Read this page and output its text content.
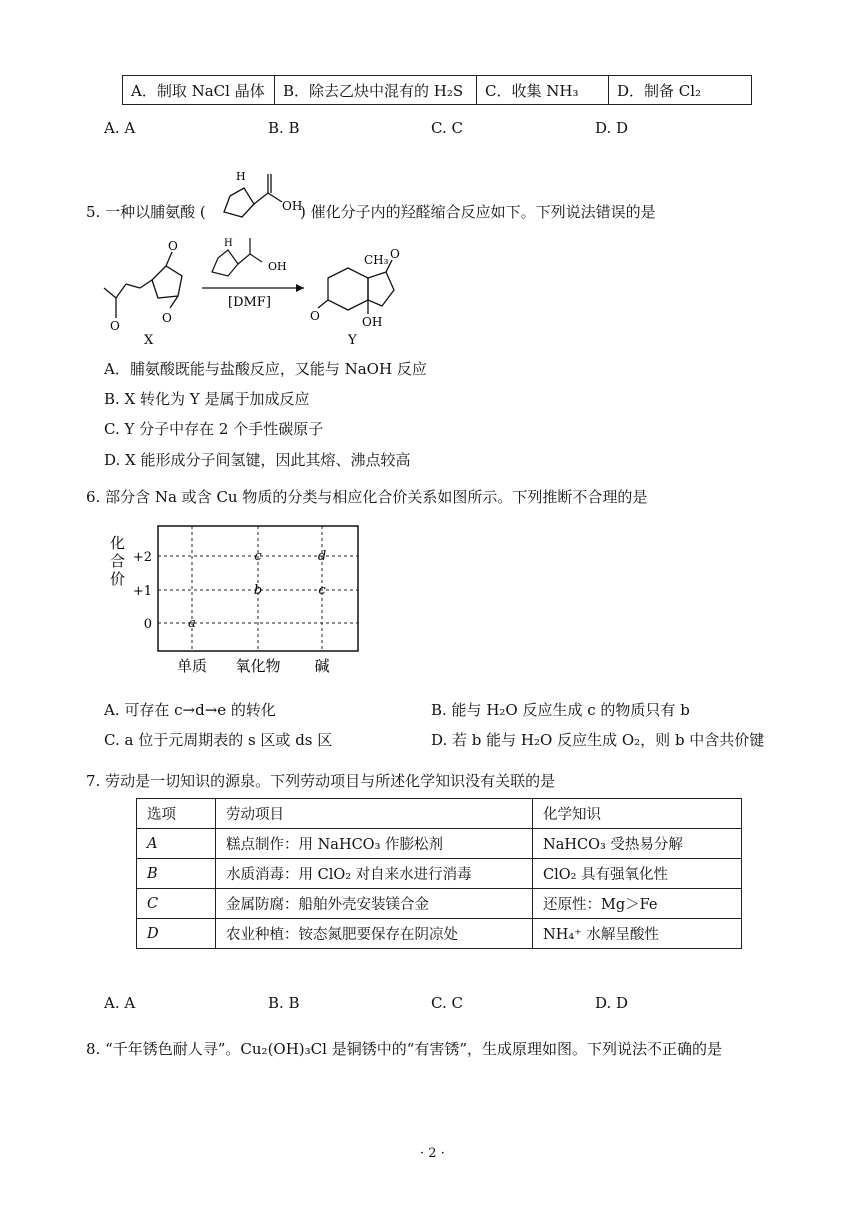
A．制取 NaCl 晶体	B．除去乙炔中混有的 H₂S	C．收集 NH₃	D．制备 Cl₂
A. A	B. B	C. C	D. D
5. 一种以脯氨酸 (
H
OH
) 催化分子内的羟醛缩合反应如下。下列说法错误的是
O
O
O
X
H
OH
[DMF]
CH₃ O
O	OH
Y
A．脯氨酸既能与盐酸反应，又能与 NaOH 反应
B. X 转化为 Y 是属于加成反应
C. Y 分子中存在 2 个手性碳原子
D. X 能形成分子间氢键，因此其熔、沸点较高
6. 部分含 Na 或含 Cu 物质的分类与相应化合价关系如图所示。下列推断不合理的是
化
合
价
+2
+1
0
单质 氧化物 碱
a
b
c
c
d
A. 可存在 c→d→e 的转化	B. 能与 H₂O 反应生成 c 的物质只有 b
C. a 位于元周期表的 s 区或 ds 区	D. 若 b 能与 H₂O 反应生成 O₂，则 b 中含共价键
7. 劳动是一切知识的源泉。下列劳动项目与所述化学知识没有关联的是
选项	劳动项目	化学知识
A	糕点制作：用 NaHCO₃ 作膨松剂	NaHCO₃ 受热易分解
B	水质消毒：用 ClO₂ 对自来水进行消毒	ClO₂ 具有强氧化性
C	金属防腐：船舶外壳安装镁合金	还原性：Mg＞Fe
D	农业种植：铵态氮肥要保存在阴凉处	NH₄⁺ 水解呈酸性
A. A	B. B	C. C	D. D
8. “千年锈色耐人寻”。Cu₂(OH)₃Cl 是铜锈中的“有害锈”，生成原理如图。下列说法不正确的是
· 2 ·
